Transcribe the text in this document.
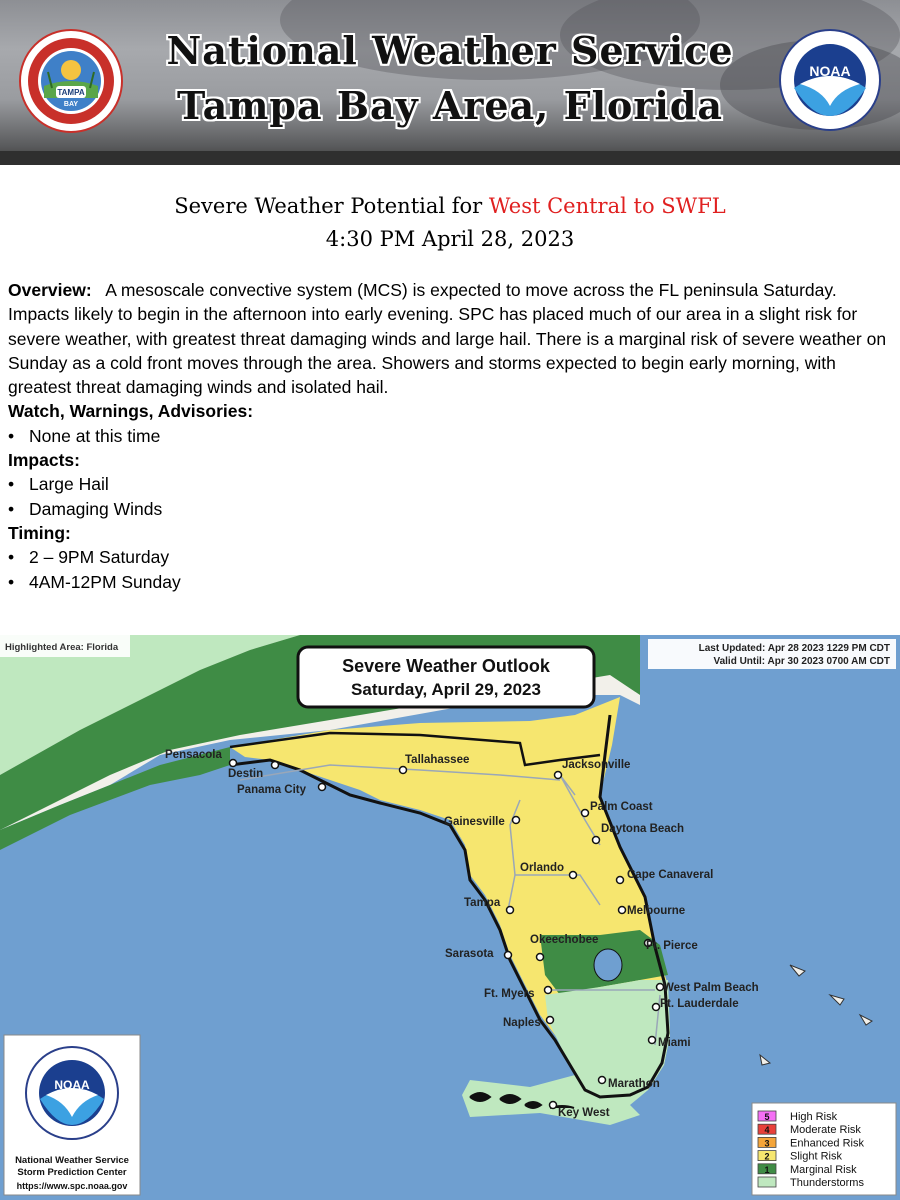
National Weather Service
Tampa Bay Area, Florida
TAMPA
BAY
NOAA
Severe Weather Potential for West Central to SWFL
4:30 PM April 28, 2023

Overview: A mesoscale convective system (MCS) is expected to move across the FL peninsula Saturday. Impacts likely to begin in the afternoon into early evening. SPC has placed much of our area in a slight risk for severe weather, with greatest threat damaging winds and large hail. There is a marginal risk of severe weather on Sunday as a cold front moves through the area. Showers and storms expected to begin early morning, with greatest threat damaging winds and isolated hail.

Watch, Warnings, Advisories:

• None at this time

Impacts:

• Large Hail
• Damaging Winds

Timing:

• 2 – 9PM Saturday
• 4AM-12PM Sunday
Pensacola
Destin
Panama City
Tallahassee	Jacksonville
Gainesville
Palm Coast
Daytona Beach
Orlando
Cape Canaveral
Tampa
Melbourne
Okeechobee
Sarasota
Ft. Pierce
Ft. Myers	West Palm Beach
Ft. Lauderdale
Naples
Miami
Marathon
Key West
Highlighted Area: Florida
Severe Weather Outlook
Saturday, April 29, 2023
Last Updated: Apr 28 2023 1229 PM CDT
Valid Until: Apr 30 2023 0700 AM CDT
NOAA
National Weather Service
Storm Prediction Center
https://www.spc.noaa.gov
5 High Risk
4 Moderate Risk
3 Enhanced Risk
2 Slight Risk
1 Marginal Risk
Thunderstorms
